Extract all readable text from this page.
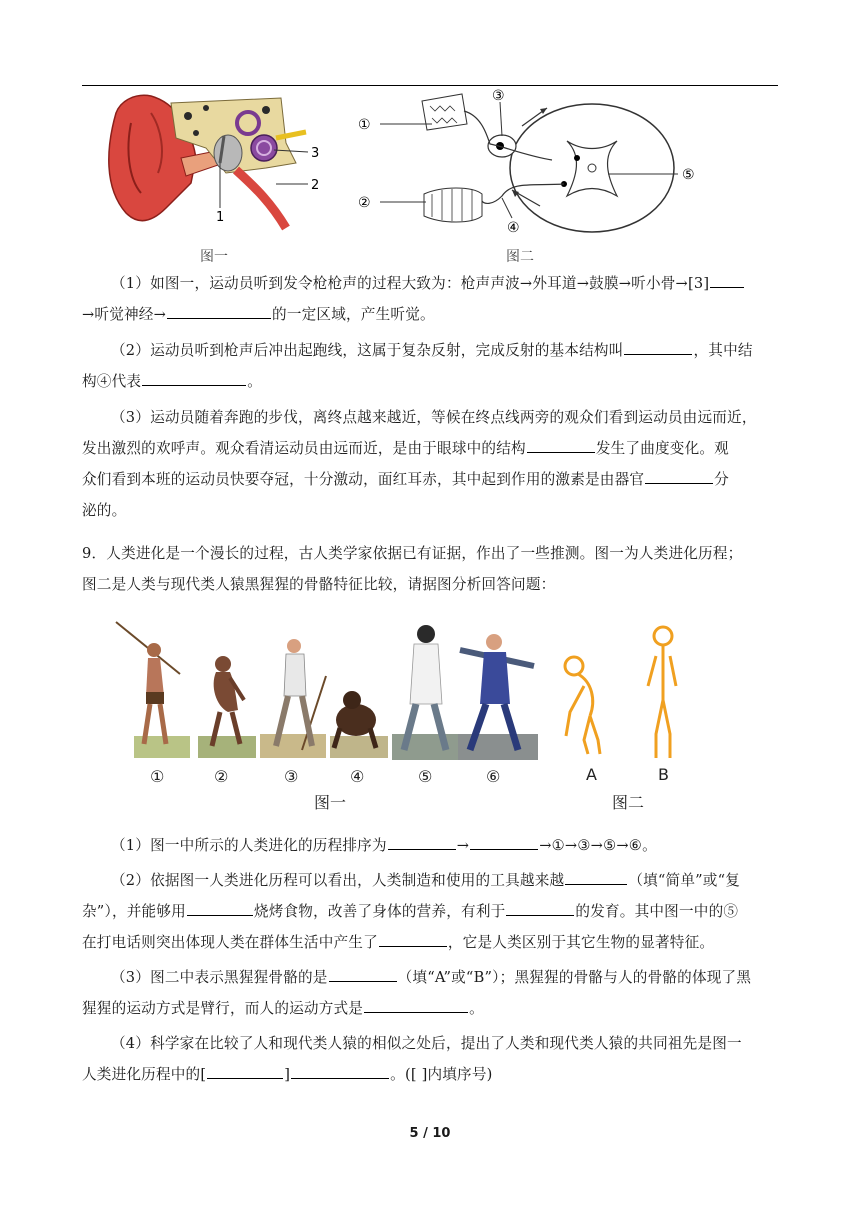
3
2
1
图一
①
②
③
④
⑤
图二
（1）如图一，运动员听到发令枪枪声的过程大致为：枪声声波→外耳道→鼓膜→听小骨→[3]
→听觉神经→	的一定区域，产生听觉。
（2）运动员听到枪声后冲出起跑线，这属于复杂反射，完成反射的基本结构叫	，其中结
构④代表	。
（3）运动员随着奔跑的步伐，离终点越来越近，等候在终点线两旁的观众们看到运动员由远而近，
发出激烈的欢呼声。观众看清运动员由远而近，是由于眼球中的结构	发生了曲度变化。观
众们看到本班的运动员快要夺冠，十分激动，面红耳赤，其中起到作用的激素是由器官	分
泌的。
9．人类进化是一个漫长的过程，古人类学家依据已有证据，作出了一些推测。图一为人类进化历程；
图二是人类与现代类人猿黑猩猩的骨骼特征比较，请据图分析回答问题：
①	②	③	④	⑤	⑥	A	B
图一	图二
（1）图一中所示的人类进化的历程排序为	→	→①→③→⑤→⑥。
（2）依据图一人类进化历程可以看出，人类制造和使用的工具越来越	（填“简单”或“复
杂”），并能够用	烧烤食物，改善了身体的营养，有利于	的发育。其中图一中的⑤
在打电话则突出体现人类在群体生活中产生了	，它是人类区别于其它生物的显著特征。
（3）图二中表示黑猩猩骨骼的是	（填“A”或“B”）；黑猩猩的骨骼与人的骨骼的体现了黑
猩猩的运动方式是臂行，而人的运动方式是	。
（4）科学家在比较了人和现代类人猿的相似之处后，提出了人类和现代类人猿的共同祖先是图一
人类进化历程中的[	]	。([ ]内填序号)
5 / 10
